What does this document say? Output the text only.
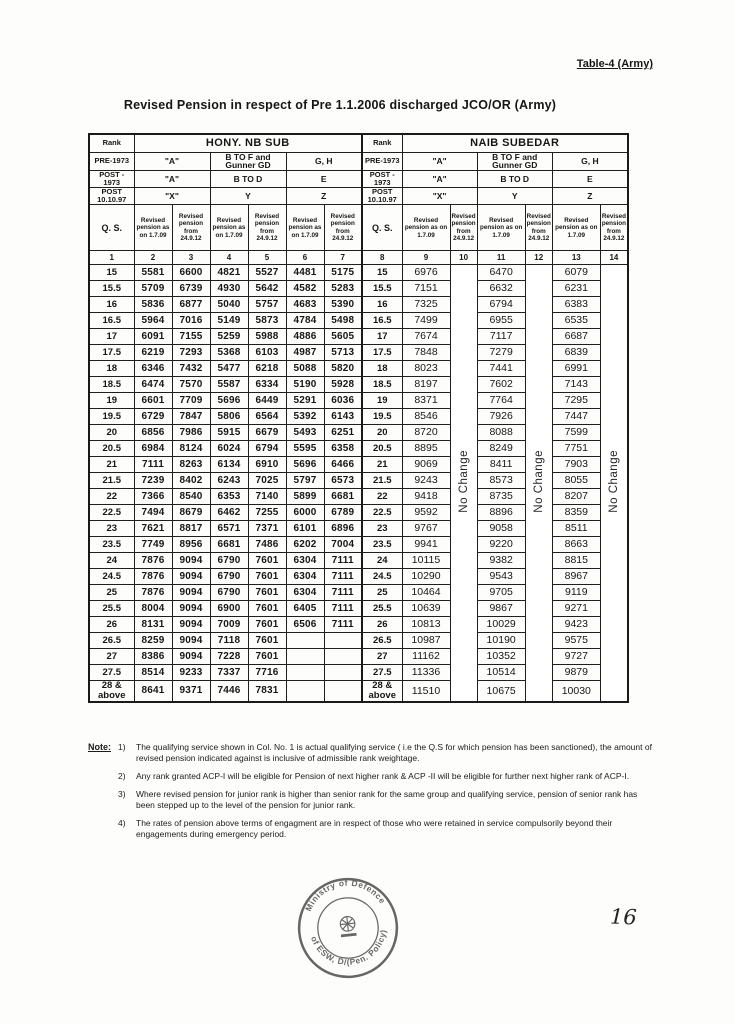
Table-4 (Army)
Revised Pension in respect of Pre 1.1.2006 discharged JCO/OR (Army)
Rank	HONY. NB SUB						Rank	NAIB SUBEDAR					
PRE-1973	"A"		B TO F and Gunner GD		G, H		PRE-1973	"A"		B TO F and Gunner GD		G, H	
POST - 1973	"A"		B TO D		E		POST - 1973	"A"		B TO D		E	
POST 10.10.97	"X"		Y		Z		POST 10.10.97	"X"		Y		Z	
Q. S.	Revised pension as on 1.7.09	Revised pension from 24.9.12	Revised pension as on 1.7.09	Revised pension from 24.9.12	Revised pension as on 1.7.09	Revised pension from 24.9.12	Q. S.	Revised pension as on 1.7.09	Revised pension from 24.9.12	Revised pension as on 1.7.09	Revised pension from 24.9.12	Revised pension as on 1.7.09	Revised pension from 24.9.12
1	2	3	4	5	6	7	8	9	10	11	12	13	14
15	5581	6600	4821	5527	4481	5175	15	6976	No Change	6470	No Change	6079	No Change
15.5	5709	6739	4930	5642	4582	5283	15.5	7151		6632		6231	
16	5836	6877	5040	5757	4683	5390	16	7325		6794		6383	
16.5	5964	7016	5149	5873	4784	5498	16.5	7499		6955		6535	
17	6091	7155	5259	5988	4886	5605	17	7674		7117		6687	
17.5	6219	7293	5368	6103	4987	5713	17.5	7848		7279		6839	
18	6346	7432	5477	6218	5088	5820	18	8023		7441		6991	
18.5	6474	7570	5587	6334	5190	5928	18.5	8197		7602		7143	
19	6601	7709	5696	6449	5291	6036	19	8371		7764		7295	
19.5	6729	7847	5806	6564	5392	6143	19.5	8546		7926		7447	
20	6856	7986	5915	6679	5493	6251	20	8720		8088		7599	
20.5	6984	8124	6024	6794	5595	6358	20.5	8895		8249		7751	
21	7111	8263	6134	6910	5696	6466	21	9069		8411		7903	
21.5	7239	8402	6243	7025	5797	6573	21.5	9243		8573		8055	
22	7366	8540	6353	7140	5899	6681	22	9418		8735		8207	
22.5	7494	8679	6462	7255	6000	6789	22.5	9592		8896		8359	
23	7621	8817	6571	7371	6101	6896	23	9767		9058		8511	
23.5	7749	8956	6681	7486	6202	7004	23.5	9941		9220		8663	
24	7876	9094	6790	7601	6304	7111	24	10115		9382		8815	
24.5	7876	9094	6790	7601	6304	7111	24.5	10290		9543		8967	
25	7876	9094	6790	7601	6304	7111	25	10464		9705		9119	
25.5	8004	9094	6900	7601	6405	7111	25.5	10639		9867		9271	
26	8131	9094	7009	7601	6506	7111	26	10813		10029		9423	
26.5	8259	9094	7118	7601			26.5	10987		10190		9575	
27	8386	9094	7228	7601			27	11162		10352		9727	
27.5	8514	9233	7337	7716			27.5	11336		10514		9879	
28 & above	8641	9371	7446	7831			28 & above	11510		10675		10030	
Note: 1)	The qualifying service shown in Col. No. 1 is actual qualifying service ( i.e the Q.S for which pension has been sanctioned), the amount of revised pension indicated against is inclusive of admissible rank weightage.
2)	Any rank granted ACP-I will be eligible for Pension of next higher rank & ACP -II will be eligible for further next higher rank of ACP-I.
3)	Where revised pension for junior rank is higher than senior rank for the same group and qualifying service, pension of senior rank has been stepped up to the level of the pension for junior rank.
4)	The rates of pension above terms of engagment are in respect of those who were retained in service compulsorily beyond their engagements during emergency period.
Ministry of Defence
of ESW, D/(Pen. Policy)
16
